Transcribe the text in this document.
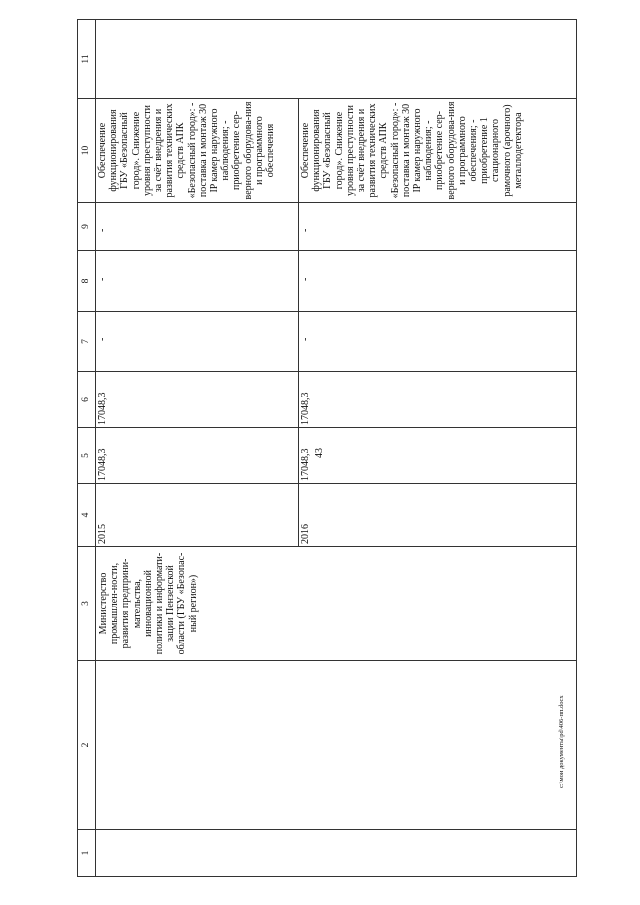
43
c:\мои документы\pd\406-пп.docx
1	2	3	4	5	6	7	8	9	10	11
		Министерство промышлен-ности, развития предприни-мательства, инновационной политики и информати-зации Пензенской области (ГБУ «Безопас-ный регион»)	2015	17048,3	17048,3	-	-	-	Обеспечение функционирования ГБУ «Безопасный город». Снижение уровня преступности за счёт внедрения и развития технических средств АПК «Безопасный город»: - поставка и монтаж 30 IP камер наружного наблюдения; - приобретение сер-верного оборудова-ния и программного обеспечения	
			2016	17048,3	17048,3	-	-	-	Обеспечение функционирования ГБУ «Безопасный город». Снижение уровня преступности за счёт внедрения и развития технических средств АПК «Безопасный город»: - поставка и монтаж 30 IP камер наружного наблюдения; - приобретение сер-верного оборудова-ния и программного обеспечения; - приобретение 1 стационарного рамочного (арочного) металлодетектора	
